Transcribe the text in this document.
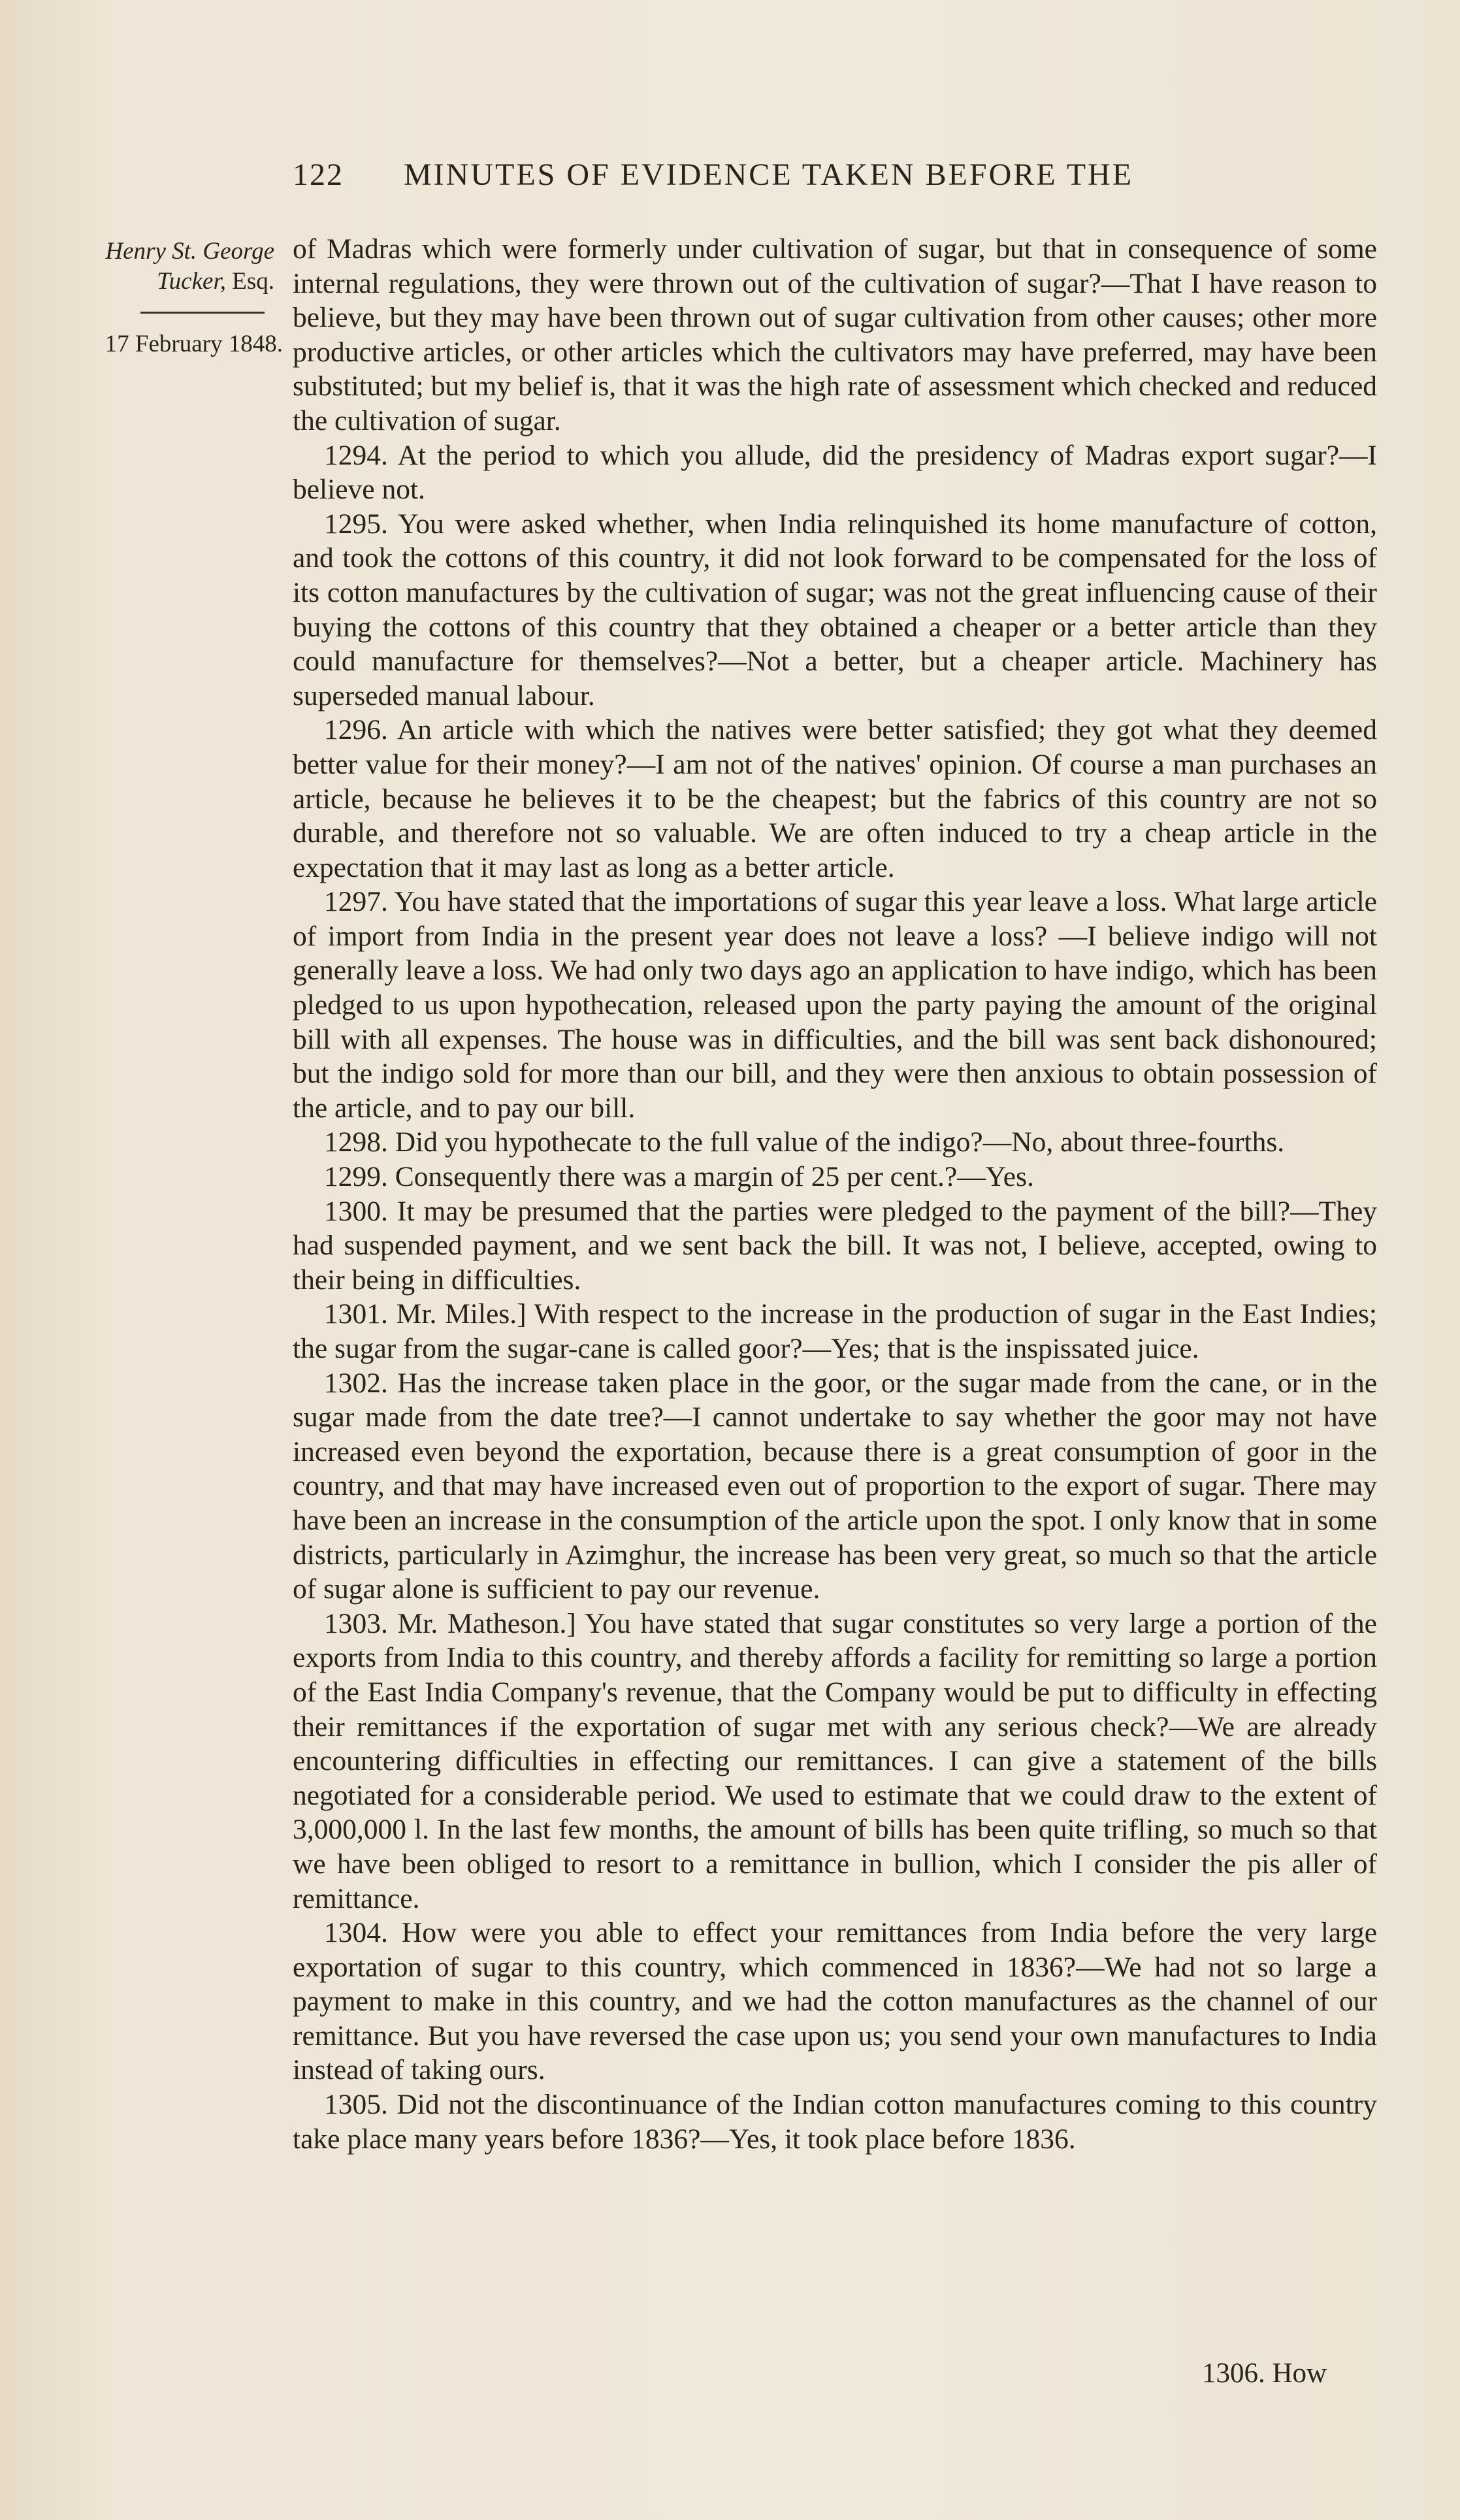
122 MINUTES OF EVIDENCE TAKEN BEFORE THE
Henry St. George
Tucker, Esq.
17 February 1848.

of Madras which were formerly under cultivation of sugar, but that in consequence of some internal regulations, they were thrown out of the cultivation of sugar?—That I have reason to believe, but they may have been thrown out of sugar cultivation from other causes; other more productive articles, or other articles which the cultivators may have preferred, may have been substituted; but my belief is, that it was the high rate of assessment which checked and reduced the cultivation of sugar.

1294. At the period to which you allude, did the presidency of Madras export sugar?—I believe not.

1295. You were asked whether, when India relinquished its home manufacture of cotton, and took the cottons of this country, it did not look forward to be compensated for the loss of its cotton manufactures by the cultivation of sugar; was not the great influencing cause of their buying the cottons of this country that they obtained a cheaper or a better article than they could manufacture for themselves?—Not a better, but a cheaper article. Machinery has superseded manual labour.

1296. An article with which the natives were better satisfied; they got what they deemed better value for their money?—I am not of the natives' opinion. Of course a man purchases an article, because he believes it to be the cheapest; but the fabrics of this country are not so durable, and therefore not so valuable. We are often induced to try a cheap article in the expectation that it may last as long as a better article.

1297. You have stated that the importations of sugar this year leave a loss. What large article of import from India in the present year does not leave a loss? —I believe indigo will not generally leave a loss. We had only two days ago an application to have indigo, which has been pledged to us upon hypothecation, released upon the party paying the amount of the original bill with all expenses. The house was in difficulties, and the bill was sent back dishonoured; but the indigo sold for more than our bill, and they were then anxious to obtain possession of the article, and to pay our bill.

1298. Did you hypothecate to the full value of the indigo?—No, about three-fourths.

1299. Consequently there was a margin of 25 per cent.?—Yes.

1300. It may be presumed that the parties were pledged to the payment of the bill?—They had suspended payment, and we sent back the bill. It was not, I believe, accepted, owing to their being in difficulties.

1301. Mr. Miles.] With respect to the increase in the production of sugar in the East Indies; the sugar from the sugar-cane is called goor?—Yes; that is the inspissated juice.

1302. Has the increase taken place in the goor, or the sugar made from the cane, or in the sugar made from the date tree?—I cannot undertake to say whether the goor may not have increased even beyond the exportation, because there is a great consumption of goor in the country, and that may have increased even out of proportion to the export of sugar. There may have been an increase in the consumption of the article upon the spot. I only know that in some districts, particularly in Azimghur, the increase has been very great, so much so that the article of sugar alone is sufficient to pay our revenue.

1303. Mr. Matheson.] You have stated that sugar constitutes so very large a portion of the exports from India to this country, and thereby affords a facility for remitting so large a portion of the East India Company's revenue, that the Company would be put to difficulty in effecting their remittances if the exportation of sugar met with any serious check?—We are already encountering difficulties in effecting our remittances. I can give a statement of the bills negotiated for a considerable period. We used to estimate that we could draw to the extent of 3,000,000 l. In the last few months, the amount of bills has been quite trifling, so much so that we have been obliged to resort to a remittance in bullion, which I consider the pis aller of remittance.

1304. How were you able to effect your remittances from India before the very large exportation of sugar to this country, which commenced in 1836?—We had not so large a payment to make in this country, and we had the cotton manufactures as the channel of our remittance. But you have reversed the case upon us; you send your own manufactures to India instead of taking ours.

1305. Did not the discontinuance of the Indian cotton manufactures coming to this country take place many years before 1836?—Yes, it took place before 1836.

1306. How
